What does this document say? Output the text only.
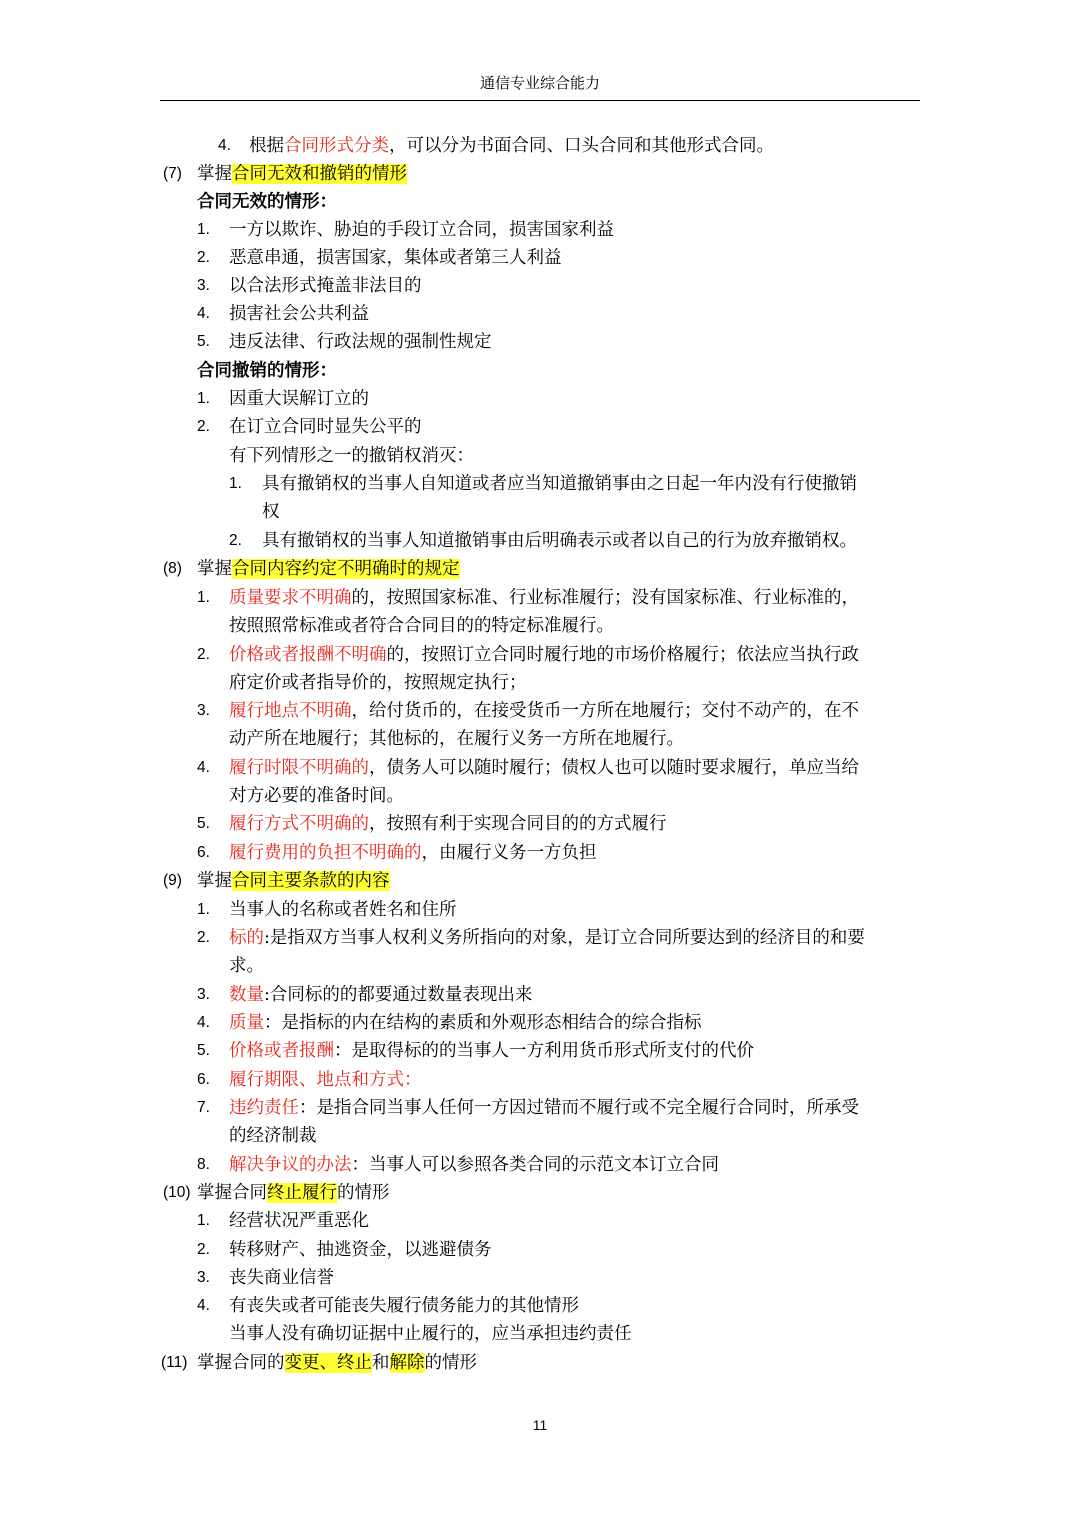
通信专业综合能力
4. 根据合同形式分类，可以分为书面合同、口头合同和其他形式合同。
(7) 掌握合同无效和撤销的情形
合同无效的情形：
1. 一方以欺诈、胁迫的手段订立合同，损害国家利益
2. 恶意串通，损害国家，集体或者第三人利益
3. 以合法形式掩盖非法目的
4. 损害社会公共利益
5. 违反法律、行政法规的强制性规定
合同撤销的情形：
1. 因重大误解订立的
2. 在订立合同时显失公平的
有下列情形之一的撤销权消灭：
1. 具有撤销权的当事人自知道或者应当知道撤销事由之日起一年内没有行使撤销
权
2. 具有撤销权的当事人知道撤销事由后明确表示或者以自己的行为放弃撤销权。
(8) 掌握合同内容约定不明确时的规定
1. 质量要求不明确的，按照国家标准、行业标准履行；没有国家标准、行业标准的，
按照照常标准或者符合合同目的的特定标准履行。
2. 价格或者报酬不明确的，按照订立合同时履行地的市场价格履行；依法应当执行政
府定价或者指导价的，按照规定执行；
3. 履行地点不明确，给付货币的，在接受货币一方所在地履行；交付不动产的，在不
动产所在地履行；其他标的，在履行义务一方所在地履行。
4. 履行时限不明确的，债务人可以随时履行；债权人也可以随时要求履行，单应当给
对方必要的准备时间。
5. 履行方式不明确的，按照有利于实现合同目的的方式履行
6. 履行费用的负担不明确的，由履行义务一方负担
(9) 掌握合同主要条款的内容
1. 当事人的名称或者姓名和住所
2. 标的:是指双方当事人权利义务所指向的对象，是订立合同所要达到的经济目的和要
求。
3. 数量:合同标的的都要通过数量表现出来
4. 质量：是指标的内在结构的素质和外观形态相结合的综合指标
5. 价格或者报酬：是取得标的的当事人一方利用货币形式所支付的代价
6. 履行期限、地点和方式：
7. 违约责任：是指合同当事人任何一方因过错而不履行或不完全履行合同时，所承受
的经济制裁
8. 解决争议的办法：当事人可以参照各类合同的示范文本订立合同
(10) 掌握合同终止履行的情形
1. 经营状况严重恶化
2. 转移财产、抽逃资金，以逃避债务
3. 丧失商业信誉
4. 有丧失或者可能丧失履行债务能力的其他情形
当事人没有确切证据中止履行的，应当承担违约责任
(11) 掌握合同的变更、终止和解除的情形
11
